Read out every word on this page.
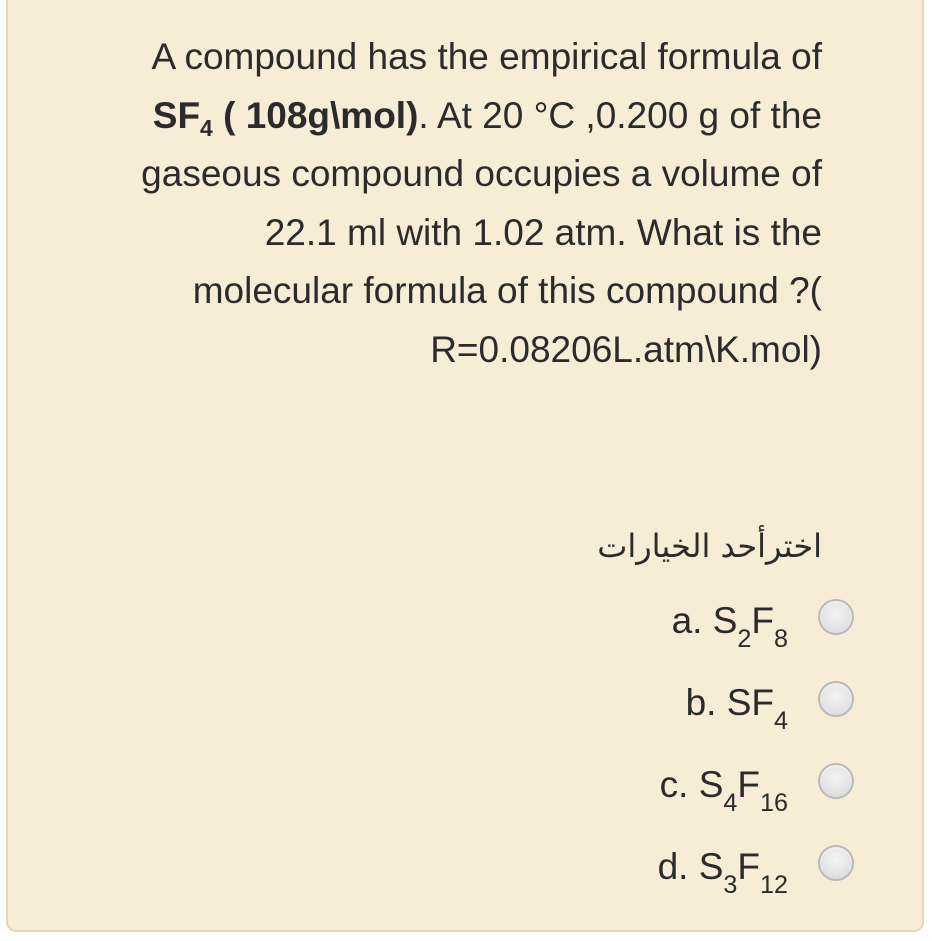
A compound has the empirical formula of
$SF_4$ ( 108g\mol). At 20 °C ,0.200 g of the
gaseous compound occupies a volume of
22.1 ml with 1.02 atm. What is the
molecular formula of this compound ?(
R=0.08206L.atm\K.mol)
اخترأحد الخيارات
a. $S_2F_8$
b. $SF_4$
c. $S_4F_{16}$
d. $S_3F_{12}$
